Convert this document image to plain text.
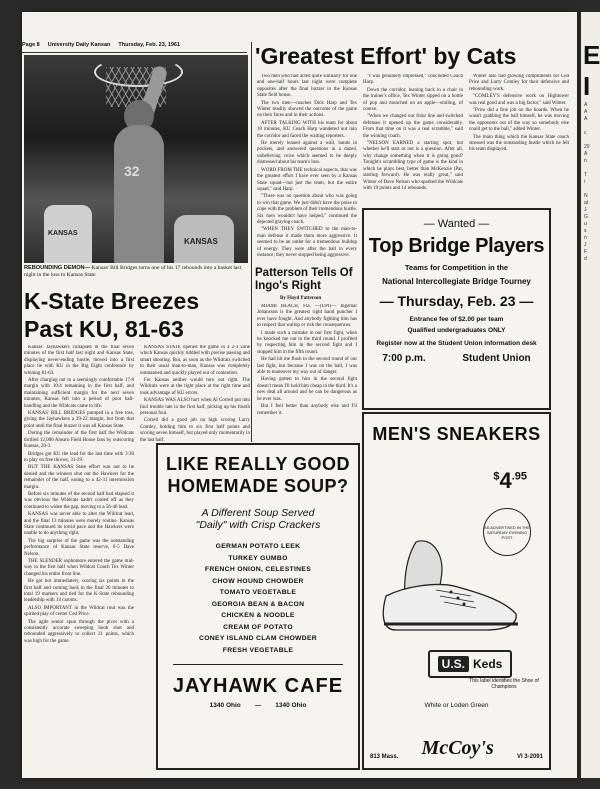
Page 8 University Daily Kansan Thursday, Feb. 23, 1961
KANSAS
32
KANSAS
REBOUNDING DEMON— Kansas' Bill Bridges turns one of his 17 rebounds into a basket last night in the loss to Kansas State
K-State Breezes Past KU, 81-63

Kansas' Jayhawkers collapsed in the final seven minutes of the first half last night and Kansas State, displaying never-ending hustle, moved into a first place tie with KU in the Big Eight conference by winning 81-63.

After charging out to a seemingly comfortable 17-8 margin with 10:4 remaining in the first half, and maintaining sufficient margin for the next seven minutes, Kansas fell into a period of poor ball-handling and the Wildcats came to life.

KANSAS' BILL BRIDGES pumped in a free toss, giving the Jayhawkers a 29-22 margin, but from that point until the final buzzer it was all Kansas State.

During the remainder of the first half the Wildcats thrilled 12,000 Ahearn Field House fans by outscoring Kansas, 20-3.

Bridges got KU the lead for the last time with 3:30 to play on free throws, 31-29.

BUT THE KANSAS State effort was not to be denied and the winners shut out the Hawkers for the remainder of the half, easing to a 42-31 intermission margin.

Before six minutes of the second half had elapsed it was obvious the Wildcats hadn't cooled off as they continued to widen the gap, moving to a 56-40 lead.

KANSAS was never able to alter the Wildcat lead, and the final 13 minutes were merely routine. Kansas State continued its torrid pace and the Hawkers were unable to do anything right.

The big surprise of the game was the outstanding performance of Kansas State reserve, 6-5 Dave Nelson.

THE SLENDER sophomore entered the game mid-way in the first half when Wildcat Coach Tex Winter changed his entire front line.

He got hot immediately, scoring six points in the first half and coming back in the final 20 minutes to total 19 markers and tied for the K-State rebounding leadership with 14 caroms.

ALSO IMPORTANT in the Wildcat rout was the spirited play of center Ced Price.

The agile senior spun through the pivot with a consistently accurate sweeping hook shot and rebounded aggressively to collect 21 points, which was high for the game.

KANSAS STATE opened the game in a 2-3 zone which Kansas quickly riddled with precise passing and smart shooting. But, as soon as the Wildcats switched to their usual man-to-man, Kansas was completely outmanned and quickly played out of contention.

For Kansas neither would turn out right. The Wildcats were at the right place at the right time and took advantage of KU errors.

KANSAS WAS ALSO hurt when Al Correll put into foul trouble late in the first half, picking up his fourth personal foul.

Correll did a good job on high scoring Larry Comley, holding him to six first half points and scoring seven himself, but played only momentarily in the last half.

'Greatest Effort' by Cats

Two men who had acted quite similarly for one and one-half hours last night were complete opposites after the final buzzer in the Kansas State field house.

The two men—coaches Dick Harp and Tex Winter readily showed the outcome of the game on their faces and in their actions.

AFTER TALKING WITH his team for about 10 minutes, KU Coach Harp wandered out into the corridor and faced the waiting reporters.

He merely leaned against a wall, hands in pockets, and answered questions in a dazed, unbelieving voice which seemed to be deeply distressed about his team's loss.

WORD FROM THE technical aspects, that was the greatest effort I have ever seen by a Kansas State squad—not just the team, but the entire squad," said Harp.

"There was no question about who was going to win that game. We just didn't have the poise to cope with the problem of their tremendous hustle. Six men wouldn't have helped," continued the dejected graying coach.

"WHEN THEY SWITCHED to the man-to-man defense it made them more aggressive. It seemed to be an outlet for a tremendous buildup of energy. They were after the ball in every instance; they never stopped being aggressive.

"I was genuinely impressed," concluded Coach Harp.

Down the corridor, leaning back in a chair in the trainer's office, Tex Winter sipped on a bottle of pop and munched on an apple—smiling, of course.

"When we changed our front line and switched defenses it opened up the game considerably. From that time on it was a real scramble," said the winning coach.

"NELSON EARNED a starting spot, but whether he'll start or not is a question. After all, why change something when it is going good? Tonight's scrambling type of game is the kind in which he plays best, better than McKenzie (Pat, starting forward). He was really great," said Winter of Dave Nelson who sparked the Wildcats with 19 points and 14 rebounds.

Winter also had glowing compliments for Ced Price and Larry Comley for their defensive and rebounding work.

"COMLEY'S defensive work on Hightower was real good and was a big factor," said Winter.

"Price did a fine job on the boards. When he wasn't grabbing the ball himself, he was moving the opponents out of the way so somebody else could get to the ball," added Winter.

The main thing which the Kansas State coach stressed was the outstanding hustle which he felt his team displayed.

Patterson Tells Of Ingo's Right
By Floyd Patterson

MIAMI BEACH, Fla. —(UPI)— Ingemar Johansson is the greatest right hand puncher I ever have fought. And anybody fighting him has to respect that wallop or risk the consequences.

I made such a mistake in our first fight, when he knocked me out in the third round. I profited by respecting him in the second fight and I stopped him in the fifth round.

He had hit me flush in the second round of our last fight, but because I was on the ball, I was able to maneuver my way out of danger.

Having gotten to him in the second fight doesn't mean I'll hold him cheap in the third. It's a new deal all around and he can be dangerous as he ever was.

But I feel better than anybody else and I'll remember it.

— Wanted —
Top Bridge Players
Teams for Competition in the
National Intercollegiate Bridge Tourney
— Thursday, Feb. 23 —
Entrance fee of $2.00 per team
Qualified undergraduates ONLY
Register now at the Student Union information desk
7:00 p.m.	Student Union
LIKE REALLY GOOD
HOMEMADE SOUP?
A Different Soup Served
"Daily" with Crisp Crackers
GERMAN POTATO LEEK
TURKEY GUMBO
FRENCH ONION, CELESTINES
CHOW HOUND CHOWDER
TOMATO VEGETABLE
GEORGIA BEAN & BACON
CHICKEN & NOODLE
CREAM OF POTATO
CONEY ISLAND CLAM CHOWDER
FRESH VEGETABLE
JAYHAWK CAFE
1340 Ohio — 1340 Ohio
MEN'S SNEAKERS
$^{\$}4^{.95}$
AS ADVERTISED IN THE SATURDAY EVENING POST
U.S. Keds
This label identifies the Shoe of Champions
White or Loden Green
813 Mass. McCoy's	VI 3-2091
E
I
A
A
A

c

20
A
n

T
i

N
at
J
G
u
s
n
J
F
d
